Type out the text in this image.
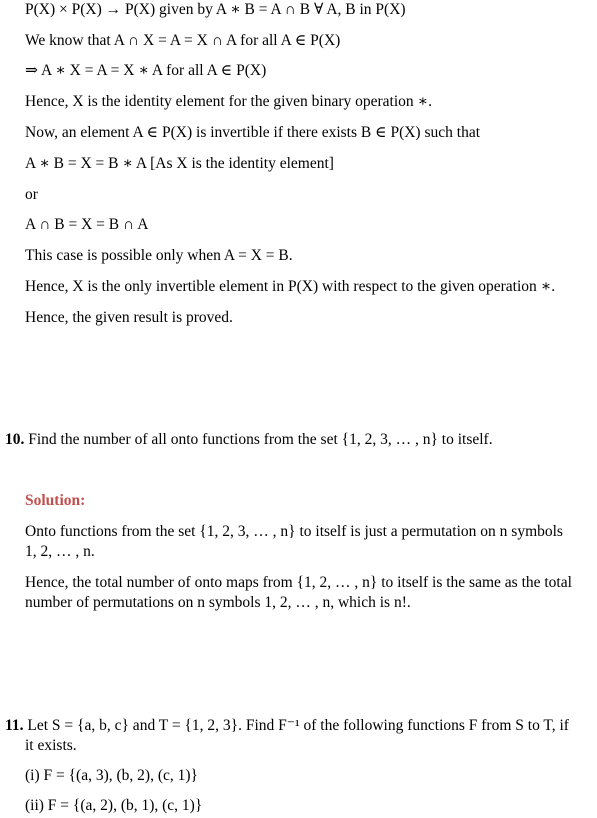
P(X) × P(X) → P(X) given by A ∗ B = A ∩ B ∀ A, B in P(X)
We know that A ∩ X = A = X ∩ A for all A ∈ P(X)
⇒ A ∗ X = A = X ∗ A for all A ∈ P(X)
Hence, X is the identity element for the given binary operation ∗.
Now, an element A ∈ P(X) is invertible if there exists B ∈ P(X) such that
A ∗ B = X = B ∗ A [As X is the identity element]
or
A ∩ B = X = B ∩ A
This case is possible only when A = X = B.
Hence, X is the only invertible element in P(X) with respect to the given operation ∗.
Hence, the given result is proved.
10. Find the number of all onto functions from the set {1, 2, 3, … , n} to itself.
Solution:
Onto functions from the set {1, 2, 3, … , n} to itself is just a permutation on n symbols
1, 2, … , n.
Hence, the total number of onto maps from {1, 2, … , n} to itself is the same as the total
number of permutations on n symbols 1, 2, … , n, which is n!.
11. Let S = {a, b, c} and T = {1, 2, 3}. Find F⁻¹ of the following functions F from S to T, if
it exists.
(i) F = {(a, 3), (b, 2), (c, 1)}
(ii) F = {(a, 2), (b, 1), (c, 1)}
